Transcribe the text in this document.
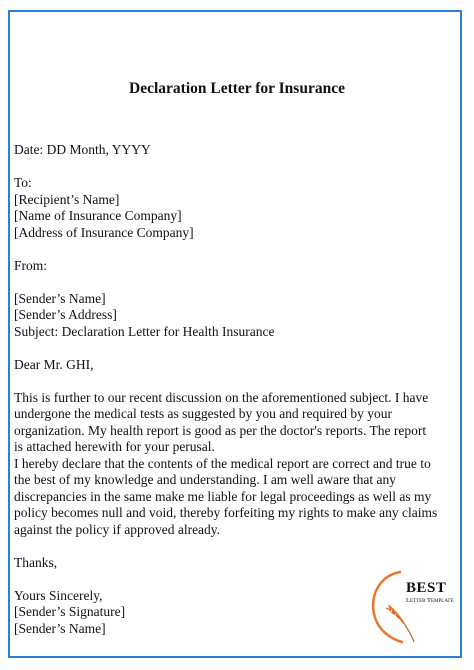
Declaration Letter for Insurance
Date: DD Month, YYYY
To:
[Recipient’s Name]
[Name of Insurance Company]
[Address of Insurance Company]
From:
[Sender’s Name]
[Sender’s Address]
Subject: Declaration Letter for Health Insurance
Dear Mr. GHI,
This is further to our recent discussion on the aforementioned subject. I have
undergone the medical tests as suggested by you and required by your
organization. My health report is good as per the doctor's reports. The report
is attached herewith for your perusal.
I hereby declare that the contents of the medical report are correct and true to
the best of my knowledge and understanding. I am well aware that any
discrepancies in the same make me liable for legal proceedings as well as my
policy becomes null and void, thereby forfeiting my rights to make any claims
against the policy if approved already.
Thanks,
Yours Sincerely,
[Sender’s Signature]
[Sender’s Name]
BEST
Letter Template
